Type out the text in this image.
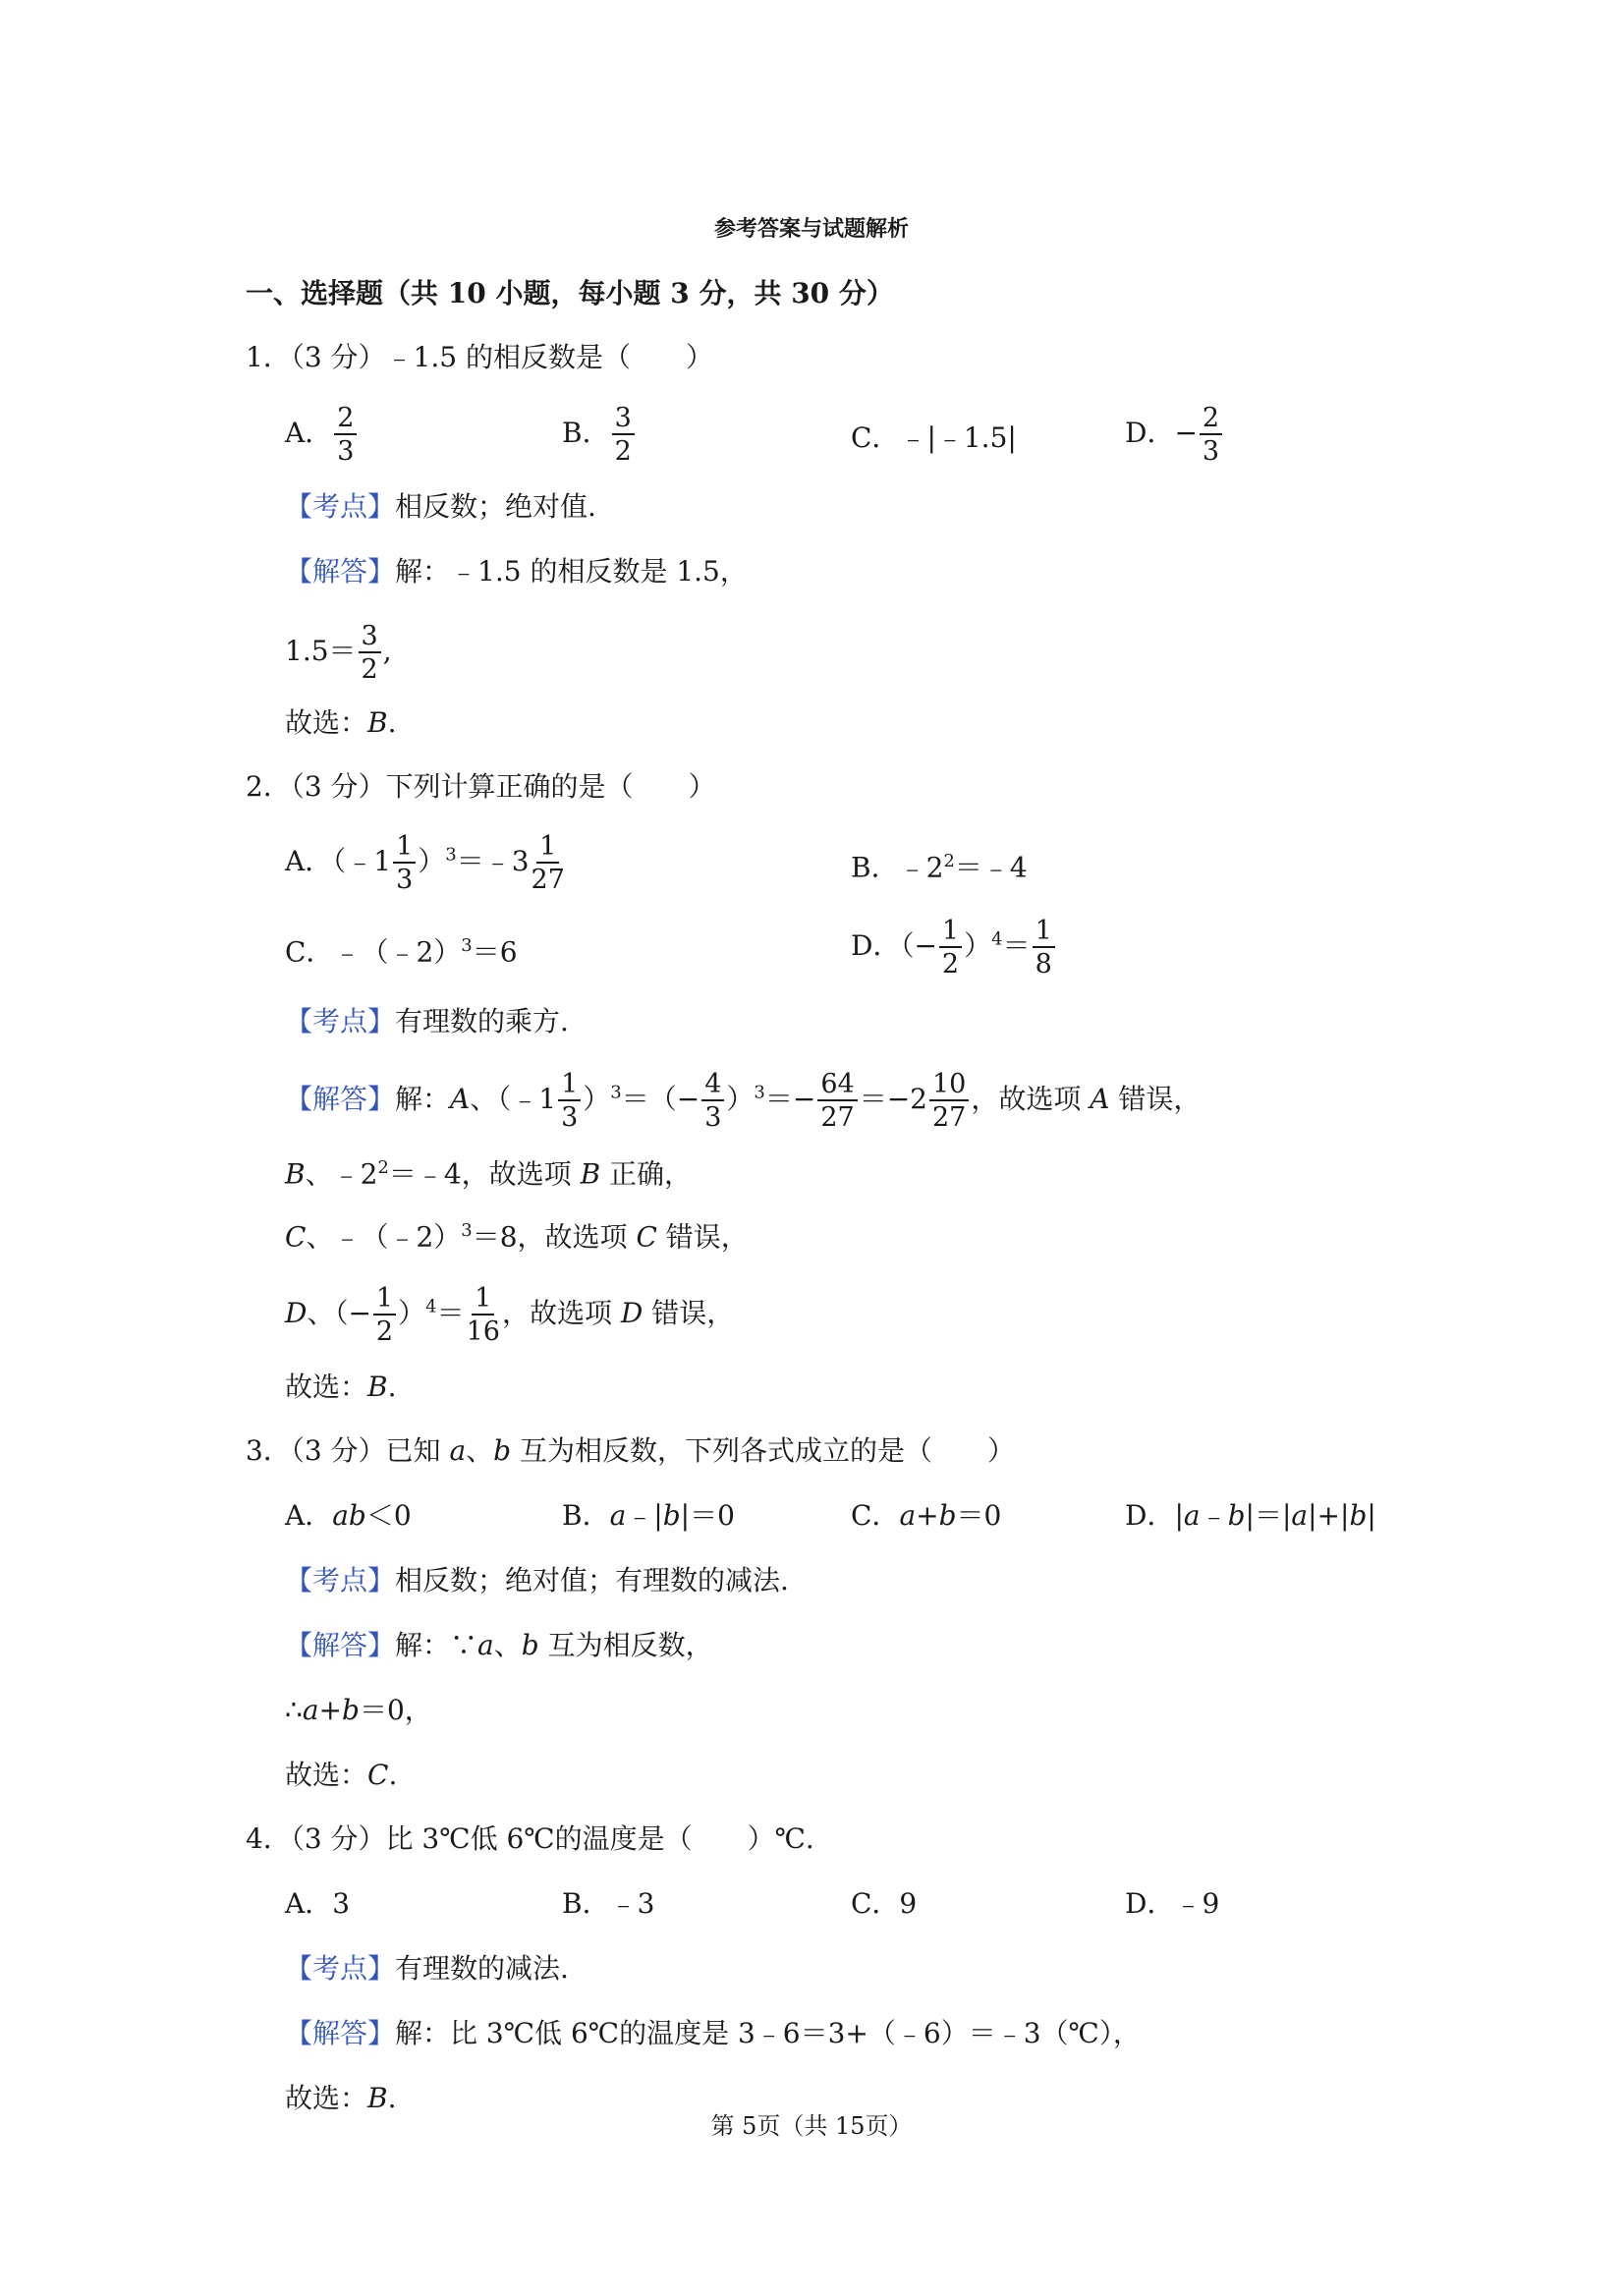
参考答案与试题解析
一、选择题（共 10 小题，每小题 3 分，共 30 分）
1．（3 分）﹣1.5 的相反数是（　　）
A． $\frac{2}{3}$	B． $\frac{3}{2}$	C．﹣|﹣1.5|	D．− $\frac{2}{3}$
【考点】相反数；绝对值.
【解答】解：﹣1.5 的相反数是 1.5，
$1.5= \frac{3}{2}$ ,
故选：B.
2．（3 分）下列计算正确的是（　　）
A．（﹣1 $\frac{1}{3}$ ）$^3$＝﹣3 $\frac{1}{27}$	B．$﹣2^2=﹣4$
C．﹣（﹣2）$^3$＝6	D．（− $\frac{1}{2} )^4= \frac{1}{8}$
【考点】有理数的乘方.
【解答】解：A、（﹣1 $\frac{1}{3} )^3=(- \frac{4}{3} )^3=- \frac{64}{27} =-2 \frac{10}{27}$ ，故选项 A 错误，
B、$﹣2^2=﹣4$，故选项 B 正确，
C、﹣（﹣2）$^3$＝8，故选项 C 错误，
D、（− $\frac{1}{2} )^4= \frac{1}{16}$ ，故选项 D 错误，
故选：B.
3．（3 分）已知 a、b 互为相反数，下列各式成立的是（　　）
A．ab＜0	B．a﹣|b|＝0	C．a+b＝0	D．|a﹣b|＝|a|+|b|
【考点】相反数；绝对值；有理数的减法.
【解答】解：∵a、b 互为相反数，
∴a+b＝0，
故选：C.
4．（3 分）比 3℃低 6℃的温度是（　　）℃.
A．3	B．﹣3	C．9	D．﹣9
【考点】有理数的减法.
【解答】解：比 3℃低 6℃的温度是 3﹣6＝3+（﹣6）＝﹣3（℃），
故选：B.
第 5页（共 15页）
